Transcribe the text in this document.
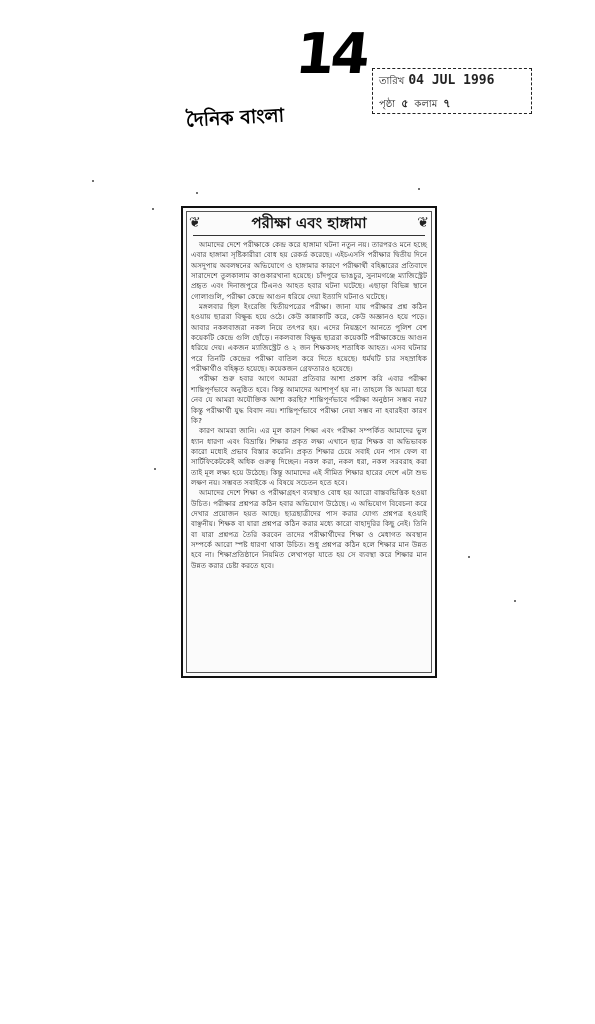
14 তারিখ 04 JUL 1996
পৃষ্ঠা ৫ কলাম ৭
দৈনিক বাংলা
❦	পরীক্ষা এবং হাঙ্গামা	❦

আমাদের দেশে পরীক্ষাকে কেন্দ্র করে হাঙ্গামা ঘটনা নতুন নয়। তারপরও মনে হচ্ছে এবার হাঙ্গামা সৃষ্টিকারীরা বোধ হয় রেকর্ড করেছে। এইচএসসি পরীক্ষার দ্বিতীয় দিনে অসদুপায় অবলম্বনের অভিযোগে ও হাঙ্গামার কারণে পরীক্ষার্থী বহিষ্কারের প্রতিবাদে সারাদেশে তুলকালাম কাণ্ডকারখানা হয়েছে। চাঁদপুরে ভাঙচুর, সুনামগঞ্জে ম্যাজিস্ট্রেট প্রহৃত এবং দিনাজপুরে টিএনও আহত হবার ঘটনা ঘটেছে। এছাড়া বিভিন্ন স্থানে গোলাগুলি, পরীক্ষা কেন্দ্রে আগুন ধরিয়ে দেয়া ইত্যাদি ঘটনাও ঘটেছে।

মঙ্গলবার ছিল ইংরেজি দ্বিতীয়পত্রের পরীক্ষা। জানা যায় পরীক্ষার প্রশ্ন কঠিন হওয়ায় ছাত্ররা বিক্ষুব্ধ হয়ে ওঠে। কেউ কান্নাকাটি করে, কেউ অজ্ঞানও হয়ে পড়ে। আবার নকলবাজরা নকল নিয়ে তৎপর হয়। এদের নিয়ন্ত্রণে আনতে পুলিশ বেশ কয়েকটি কেন্দ্রে গুলি ছোঁড়ে। নকলবাজ বিক্ষুব্ধ ছাত্ররা কয়েকটি পরীক্ষাকেন্দ্রে আগুন ধরিয়ে দেয়। একজন ম্যাজিস্ট্রেট ও ২ জন শিক্ষকসহ শতাধিক আহত। এসব ঘটনার পরে তিনটি কেন্দ্রের পরীক্ষা বাতিল করে দিতে হয়েছে। ধর্মঘটি চার সহস্রাধিক পরীক্ষার্থীও বহিষ্কৃত হয়েছে। কয়েকজন গ্রেফতারও হয়েছে।

পরীক্ষা শুরু হবার আগে আমরা প্রতিবার আশা প্রকাশ করি এবার পরীক্ষা শান্তিপূর্ণভাবে অনুষ্ঠিত হবে। কিন্তু আমাদের আশাপূর্ণ হয় না। তাহলে কি আমরা ধরে নেব যে আমরা অযৌক্তিক আশা করছি? শান্তিপূর্ণভাবে পরীক্ষা অনুষ্ঠান সম্ভব নয়? কিন্তু পরীক্ষার্থী যুদ্ধ বিবাদ নয়। শান্তিপূর্ণভাবে পরীক্ষা নেয়া সম্ভব না হবারইবা কারণ কি?

কারণ আমরা জানি। এর মূল কারণ শিক্ষা এবং পরীক্ষা সম্পর্কিত আমাদের ভুল ধ্যান ধারণা এবং বিভ্রান্তি। শিক্ষার প্রকৃত লক্ষ্য এখানে ছাত্র শিক্ষক বা অভিভাবক কারো মধ্যেই প্রভাব বিস্তার করেনি। প্রকৃত শিক্ষার চেয়ে সবাই যেন পাস ফেল বা সার্টিফিকেটকেই অধিক গুরুত্ব দিচ্ছেন। নকল করা, নকল ধরা, নকল সরবরাহ করা তাই মূল লক্ষ্য হয়ে উঠেছে। কিন্তু আমাদের এই সীমিত শিক্ষার হারের দেশে এটা শুভ লক্ষণ নয়। সম্ভবত সবাইকে এ বিষয়ে সচেতন হতে হবে।

আমাদের দেশে শিক্ষা ও পরীক্ষাগ্রহণ ব্যবস্থাও বোধ হয় আরো বাস্তবভিত্তিক হওয়া উচিত। পরীক্ষার প্রশ্নপত্র কঠিন হবার অভিযোগ উঠেছে। এ অভিযোগ বিবেচনা করে দেখার প্রয়োজন হয়ত আছে। ছাত্রছাত্রীদের পাস করার যোগ্য প্রশ্নপত্র হওয়াই বাঞ্ছনীয়। শিক্ষক বা যারা প্রশ্নপত্র কঠিন করার মধ্যে কারো বাহাদুরির কিছু নেই। তিনি বা যারা প্রশ্নপত্র তৈরি করবেন তাদের পরীক্ষার্থীদের শিক্ষা ও মেধাগত অবস্থান সম্পর্কে আরো স্পষ্ট ধারণা থাকা উচিত। শুধু প্রশ্নপত্র কঠিন হলে শিক্ষার মান উন্নত হবে না। শিক্ষাপ্রতিষ্ঠানে নিয়মিত লেখাপড়া যাতে হয় সে ব্যবস্থা করে শিক্ষার মান উন্নত করার চেষ্টা করতে হবে।
